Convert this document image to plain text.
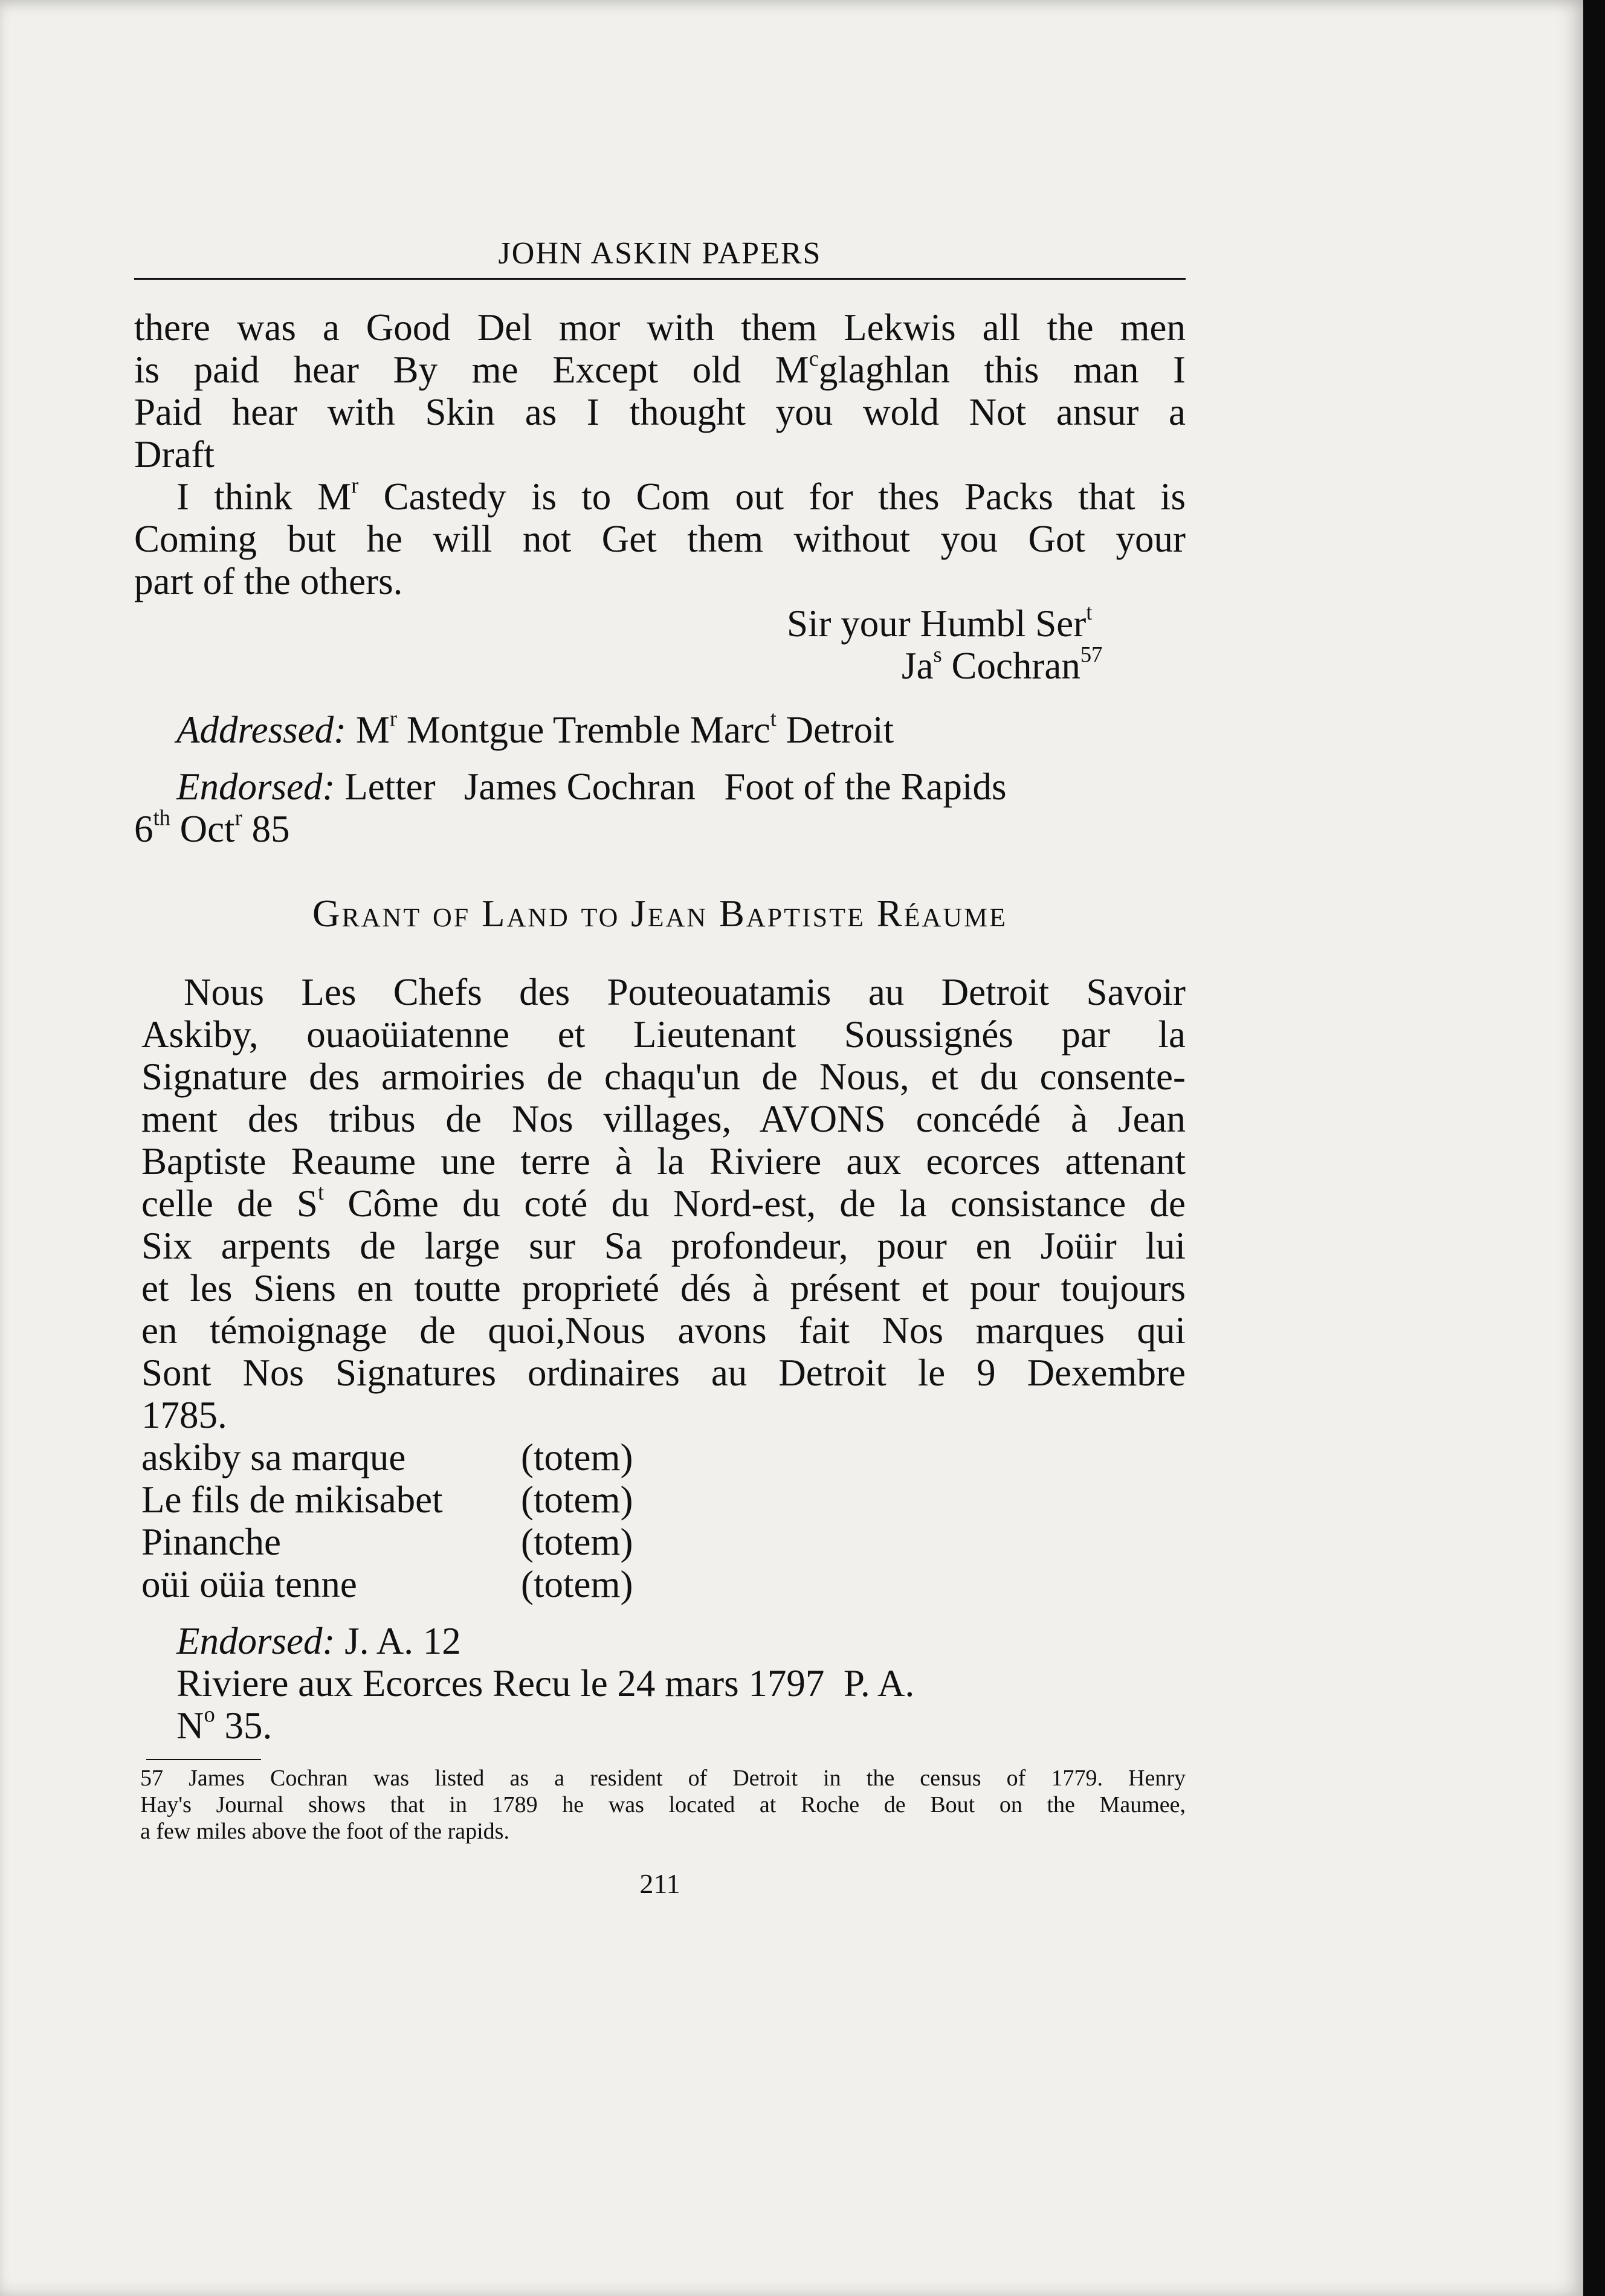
JOHN ASKIN PAPERS
there was a Good Del mor with them Lekwis all the men
is paid hear By me Except old $M^cglaghlan$ this man I
Paid hear with Skin as I thought you wold Not ansur a
Draft
I think $M^r$ Castedy is to Com out for thes Packs that is
Coming but he will not Get them without you Got your
part of the others.
Sir your Humbl Ser$^t$
Ja$^s$ Cochran$^{57}$
Addressed: $M^r$ Montgue Tremble Marc$^t$ Detroit
Endorsed: Letter   James Cochran   Foot of the Rapids
6th Oct$^r$ 85
Grant of Land to Jean Baptiste Réaume
Nous Les Chefs des Pouteouatamis au Detroit Savoir
Askiby, ouaoüiatenne et Lieutenant Soussignés par la
Signature des armoiries de chaqu'un de Nous, et du consente-
ment des tribus de Nos villages, AVONS concédé à Jean
Baptiste Reaume une terre à la Riviere aux ecorces attenant
celle de $S^t$ Côme du coté du Nord-est, de la consistance de
Six arpents de large sur Sa profondeur, pour en Joüir lui
et les Siens en toutte proprieté dés à présent et pour toujours
en témoignage de quoi,Nous avons fait Nos marques qui
Sont Nos Signatures ordinaires au Detroit le 9 Dexembre
1785.
askiby sa marque	(totem)
Le fils de mikisabet	(totem)
Pinanche	(totem)
oüi oüia tenne	(totem)
Endorsed: J. A. 12
Riviere aux Ecorces Recu le 24 mars 1797  P. A.
$N^o$ 35.
57 James Cochran was listed as a resident of Detroit in the census of 1779. Henry
Hay's Journal shows that in 1789 he was located at Roche de Bout on the Maumee,
a few miles above the foot of the rapids.
211
